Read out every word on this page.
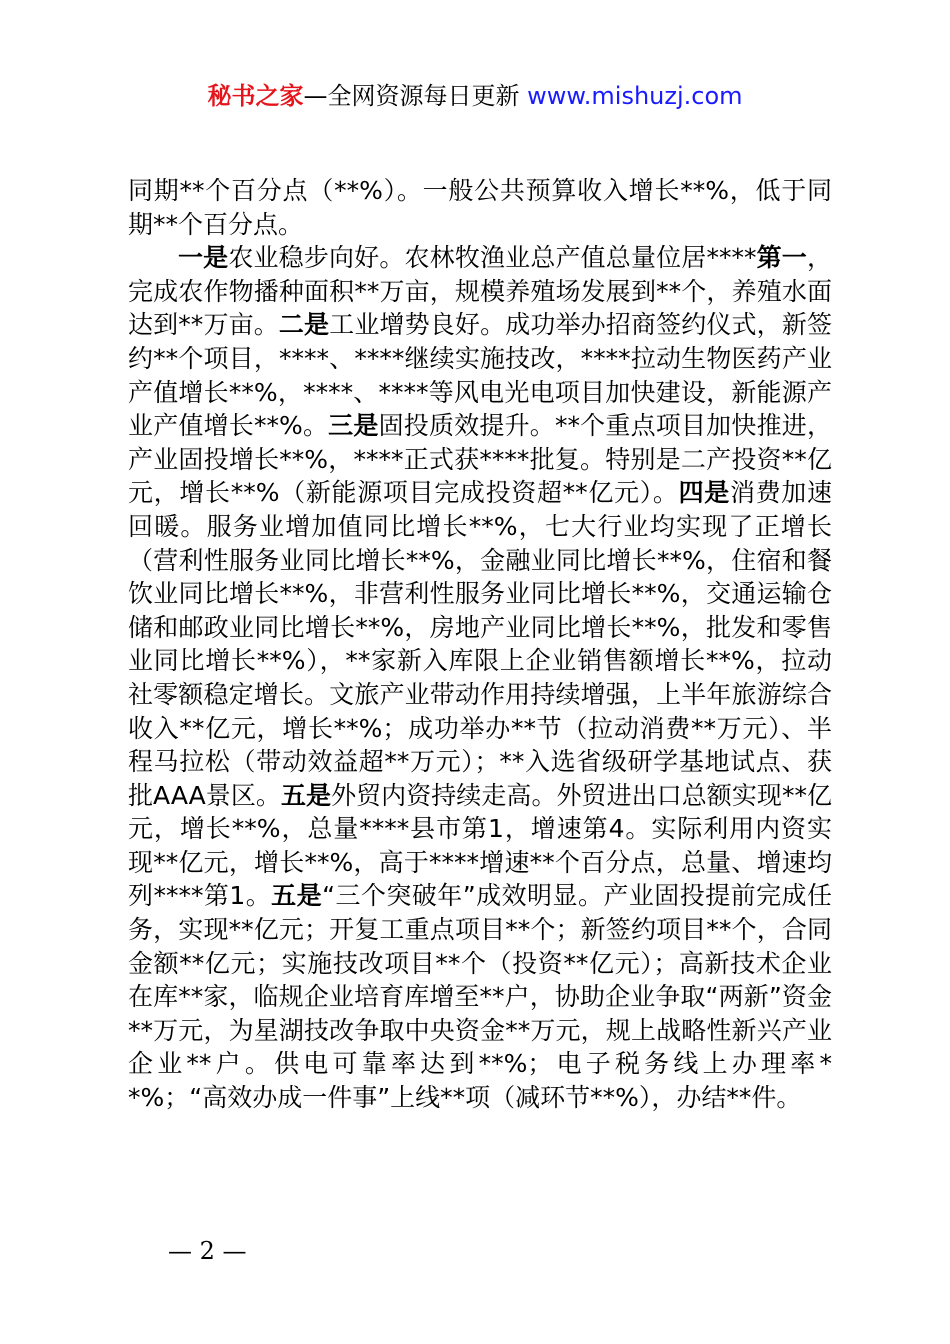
秘书之家—全网资源每日更新 www.mishuzj.com

同期**个百分点（**%）。一般公共预算收入增长**%，低于同期**个百分点。

一是农业稳步向好。农林牧渔业总产值总量位居****第一，完成农作物播种面积**万亩，规模养殖场发展到**个，养殖水面达到**万亩。二是工业增势良好。成功举办招商签约仪式，新签约**个项目，****、****继续实施技改，****拉动生物医药产业产值增长**%，****、****等风电光电项目加快建设，新能源产业产值增长**%。三是固投质效提升。**个重点项目加快推进，产业固投增长**%，****正式获****批复。特别是二产投资**亿元，增长**%（新能源项目完成投资超**亿元）。四是消费加速回暖。服务业增加值同比增长**%，七大行业均实现了正增长（营利性服务业同比增长**%，金融业同比增长**%，住宿和餐饮业同比增长**%，非营利性服务业同比增长**%，交通运输仓储和邮政业同比增长**%，房地产业同比增长**%，批发和零售业同比增长**%），**家新入库限上企业销售额增长**%，拉动社零额稳定增长。文旅产业带动作用持续增强，上半年旅游综合收入**亿元，增长**%；成功举办**节（拉动消费**万元）、半程马拉松（带动效益超**万元）；**入选省级研学基地试点、获批AAA景区。五是外贸内资持续走高。外贸进出口总额实现**亿元，增长**%，总量****县市第1，增速第4。实际利用内资实现**亿元，增长**%，高于****增速**个百分点，总量、增速均列****第1。五是“三个突破年”成效明显。产业固投提前完成任务，实现**亿元；开复工重点项目**个；新签约项目**个，合同金额**亿元；实施技改项目**个（投资**亿元）；高新技术企业在库**家，临规企业培育库增至**户，协助企业争取“两新”资金**万元，为星湖技改争取中央资金**万元，规上战略性新兴产业企业**户。供电可靠率达到**%；电子税务线上办理率**%；“高效办成一件事”上线**项（减环节**%），办结**件。

— 2 —
